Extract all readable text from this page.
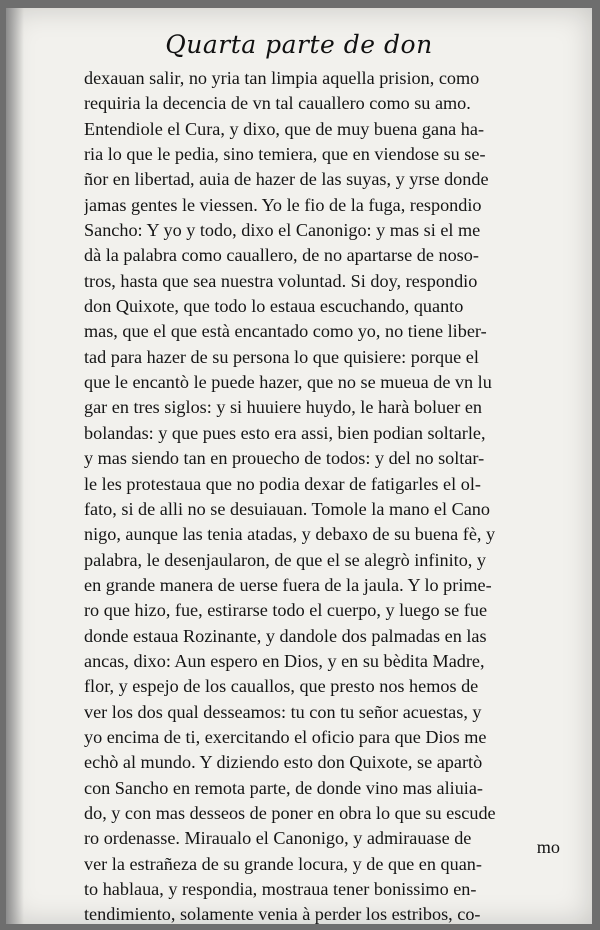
Quarta parte de don
dexauan salir, no yria tan limpia aquella prision, como
requiria la decencia de vn tal cauallero como su amo.
Entendiole el Cura, y dixo, que de muy buena gana ha-
ria lo que le pedia, sino temiera, que en viendose su se-
ñor en libertad, auia de hazer de las suyas, y yrse donde
jamas gentes le viessen. Yo le fio de la fuga, respondio
Sancho: Y yo y todo, dixo el Canonigo: y mas si el me
dà la palabra como cauallero, de no apartarse de noso-
tros, hasta que sea nuestra voluntad. Si doy, respondio
don Quixote, que todo lo estaua escuchando, quanto
mas, que el que està encantado como yo, no tiene liber-
tad para hazer de su persona lo que quisiere: porque el
que le encantò le puede hazer, que no se mueua de vn lu
gar en tres siglos: y si huuiere huydo, le harà boluer en
bolandas: y que pues esto era assi, bien podian soltarle,
y mas siendo tan en prouecho de todos: y del no soltar-
le les protestaua que no podia dexar de fatigarles el ol-
fato, si de alli no se desuiauan. Tomole la mano el Cano
nigo, aunque las tenia atadas, y debaxo de su buena fè, y
palabra, le desenjaularon, de que el se alegrò infinito, y
en grande manera de uerse fuera de la jaula. Y lo prime-
ro que hizo, fue, estirarse todo el cuerpo, y luego se fue
donde estaua Rozinante, y dandole dos palmadas en las
ancas, dixo: Aun espero en Dios, y en su bèdita Madre,
flor, y espejo de los cauallos, que presto nos hemos de
ver los dos qual desseamos: tu con tu señor acuestas, y
yo encima de ti, exercitando el oficio para que Dios me
echò al mundo. Y diziendo esto don Quixote, se apartò
con Sancho en remota parte, de donde vino mas aliuia-
do, y con mas desseos de poner en obra lo que su escude
ro ordenasse. Miraualo el Canonigo, y admirauase de
ver la estrañeza de su grande locura, y de que en quan-
to hablaua, y respondia, mostraua tener bonissimo en-
tendimiento, solamente venia à perder los estribos, co-
mo
